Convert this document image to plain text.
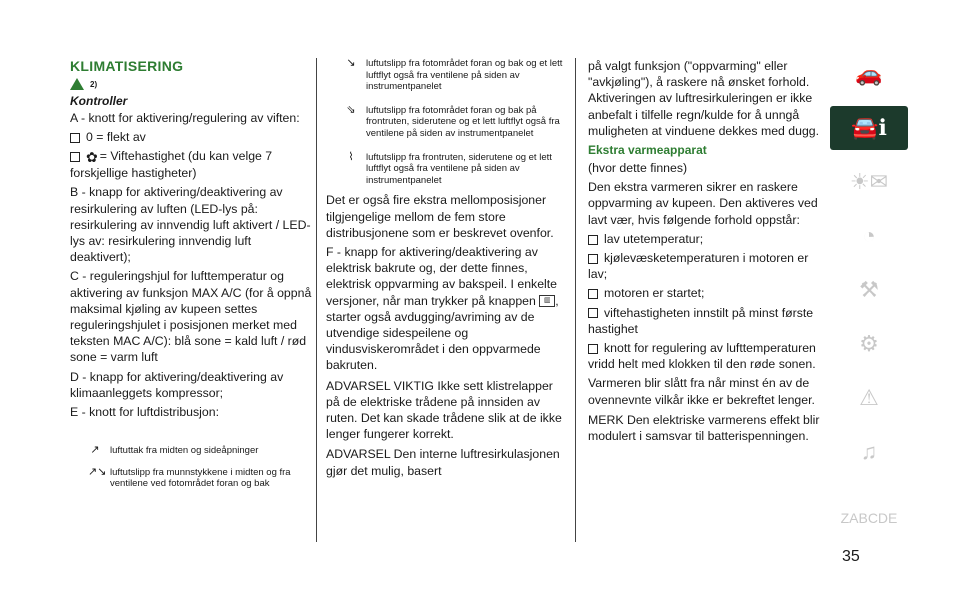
KLIMATISERING
2)
Kontroller

A - knott for aktivering/regulering av viften:

0 = flekt av

✿ = Viftehastighet (du kan velge 7 forskjellige hastigheter)

B - knapp for aktivering/deaktivering av resirkulering av luften (LED-lys på: resirkulering av innvendig luft aktivert / LED-lys av: resirkulering innvendig luft deaktivert);

C - reguleringshjul for lufttemperatur og aktivering av funksjon MAX A/C (for å oppnå maksimal kjøling av kupeen settes reguleringshjulet i posisjonen merket med teksten MAC A/C): blå sone = kald luft / rød sone = varm luft

D - knapp for aktivering/deaktivering av klimaanleggets kompressor;

E - knott for luftdistribusjon:

↗ luftuttak fra midten og sideåpninger
↗↘ luftutslipp fra munnstykkene i midten og fra ventilene ved fotområdet foran og bak
↘ luftutslipp fra fotområdet foran og bak og et lett luftflyt også fra ventilene på siden av instrumentpanelet
⇘ luftutslipp fra fotområdet foran og bak på frontruten, siderutene og et lett luftflyt også fra ventilene på siden av instrumentpanelet
⌇	luftutslipp fra frontruten, siderutene og et lett luftflyt også fra ventilene på siden av instrumentpanelet

Det er også fire ekstra mellomposisjoner tilgjengelige mellom de fem store distribusjonene som er beskrevet ovenfor.

F - knapp for aktivering/deaktivering av elektrisk bakrute og, der dette finnes, elektrisk oppvarming av bakspeil. I enkelte versjoner, når man trykker på knappen ▥ , starter også avdugging/avriming av de utvendige sidespeilene og vindusviskerområdet i den oppvarmede bakruten.

ADVARSEL VIKTIG Ikke sett klistrelapper på de elektriske trådene på innsiden av ruten. Det kan skade trådene slik at de ikke lenger fungerer korrekt.

ADVARSEL Den interne luftresirkulasjonen gjør det mulig, basert

på valgt funksjon ("oppvarming" eller "avkjøling"), å raskere nå ønsket forhold. Aktiveringen av luftresirkuleringen er ikke anbefalt i tilfelle regn/kulde for å unngå muligheten at vinduene dekkes med dugg.

Ekstra varmeapparat

(hvor dette finnes)

Den ekstra varmeren sikrer en raskere oppvarming av kupeen. Den aktiveres ved lavt vær, hvis følgende forhold oppstår:

lav utetemperatur;

kjølevæsketemperaturen i motoren er lav;

motoren er startet;

viftehastigheten innstilt på minst første hastighet

knott for regulering av lufttemperaturen vridd helt med klokken til den røde sonen.

Varmeren blir slått fra når minst én av de ovennevnte vilkår ikke er bekreftet lenger.

MERK Den elektriske varmerens effekt blir modulert i samsvar til batterispenningen.

🚗
🚘ℹ
☀✉
◔
⚒
⚙
⚠
♫
ZABCDE
35
